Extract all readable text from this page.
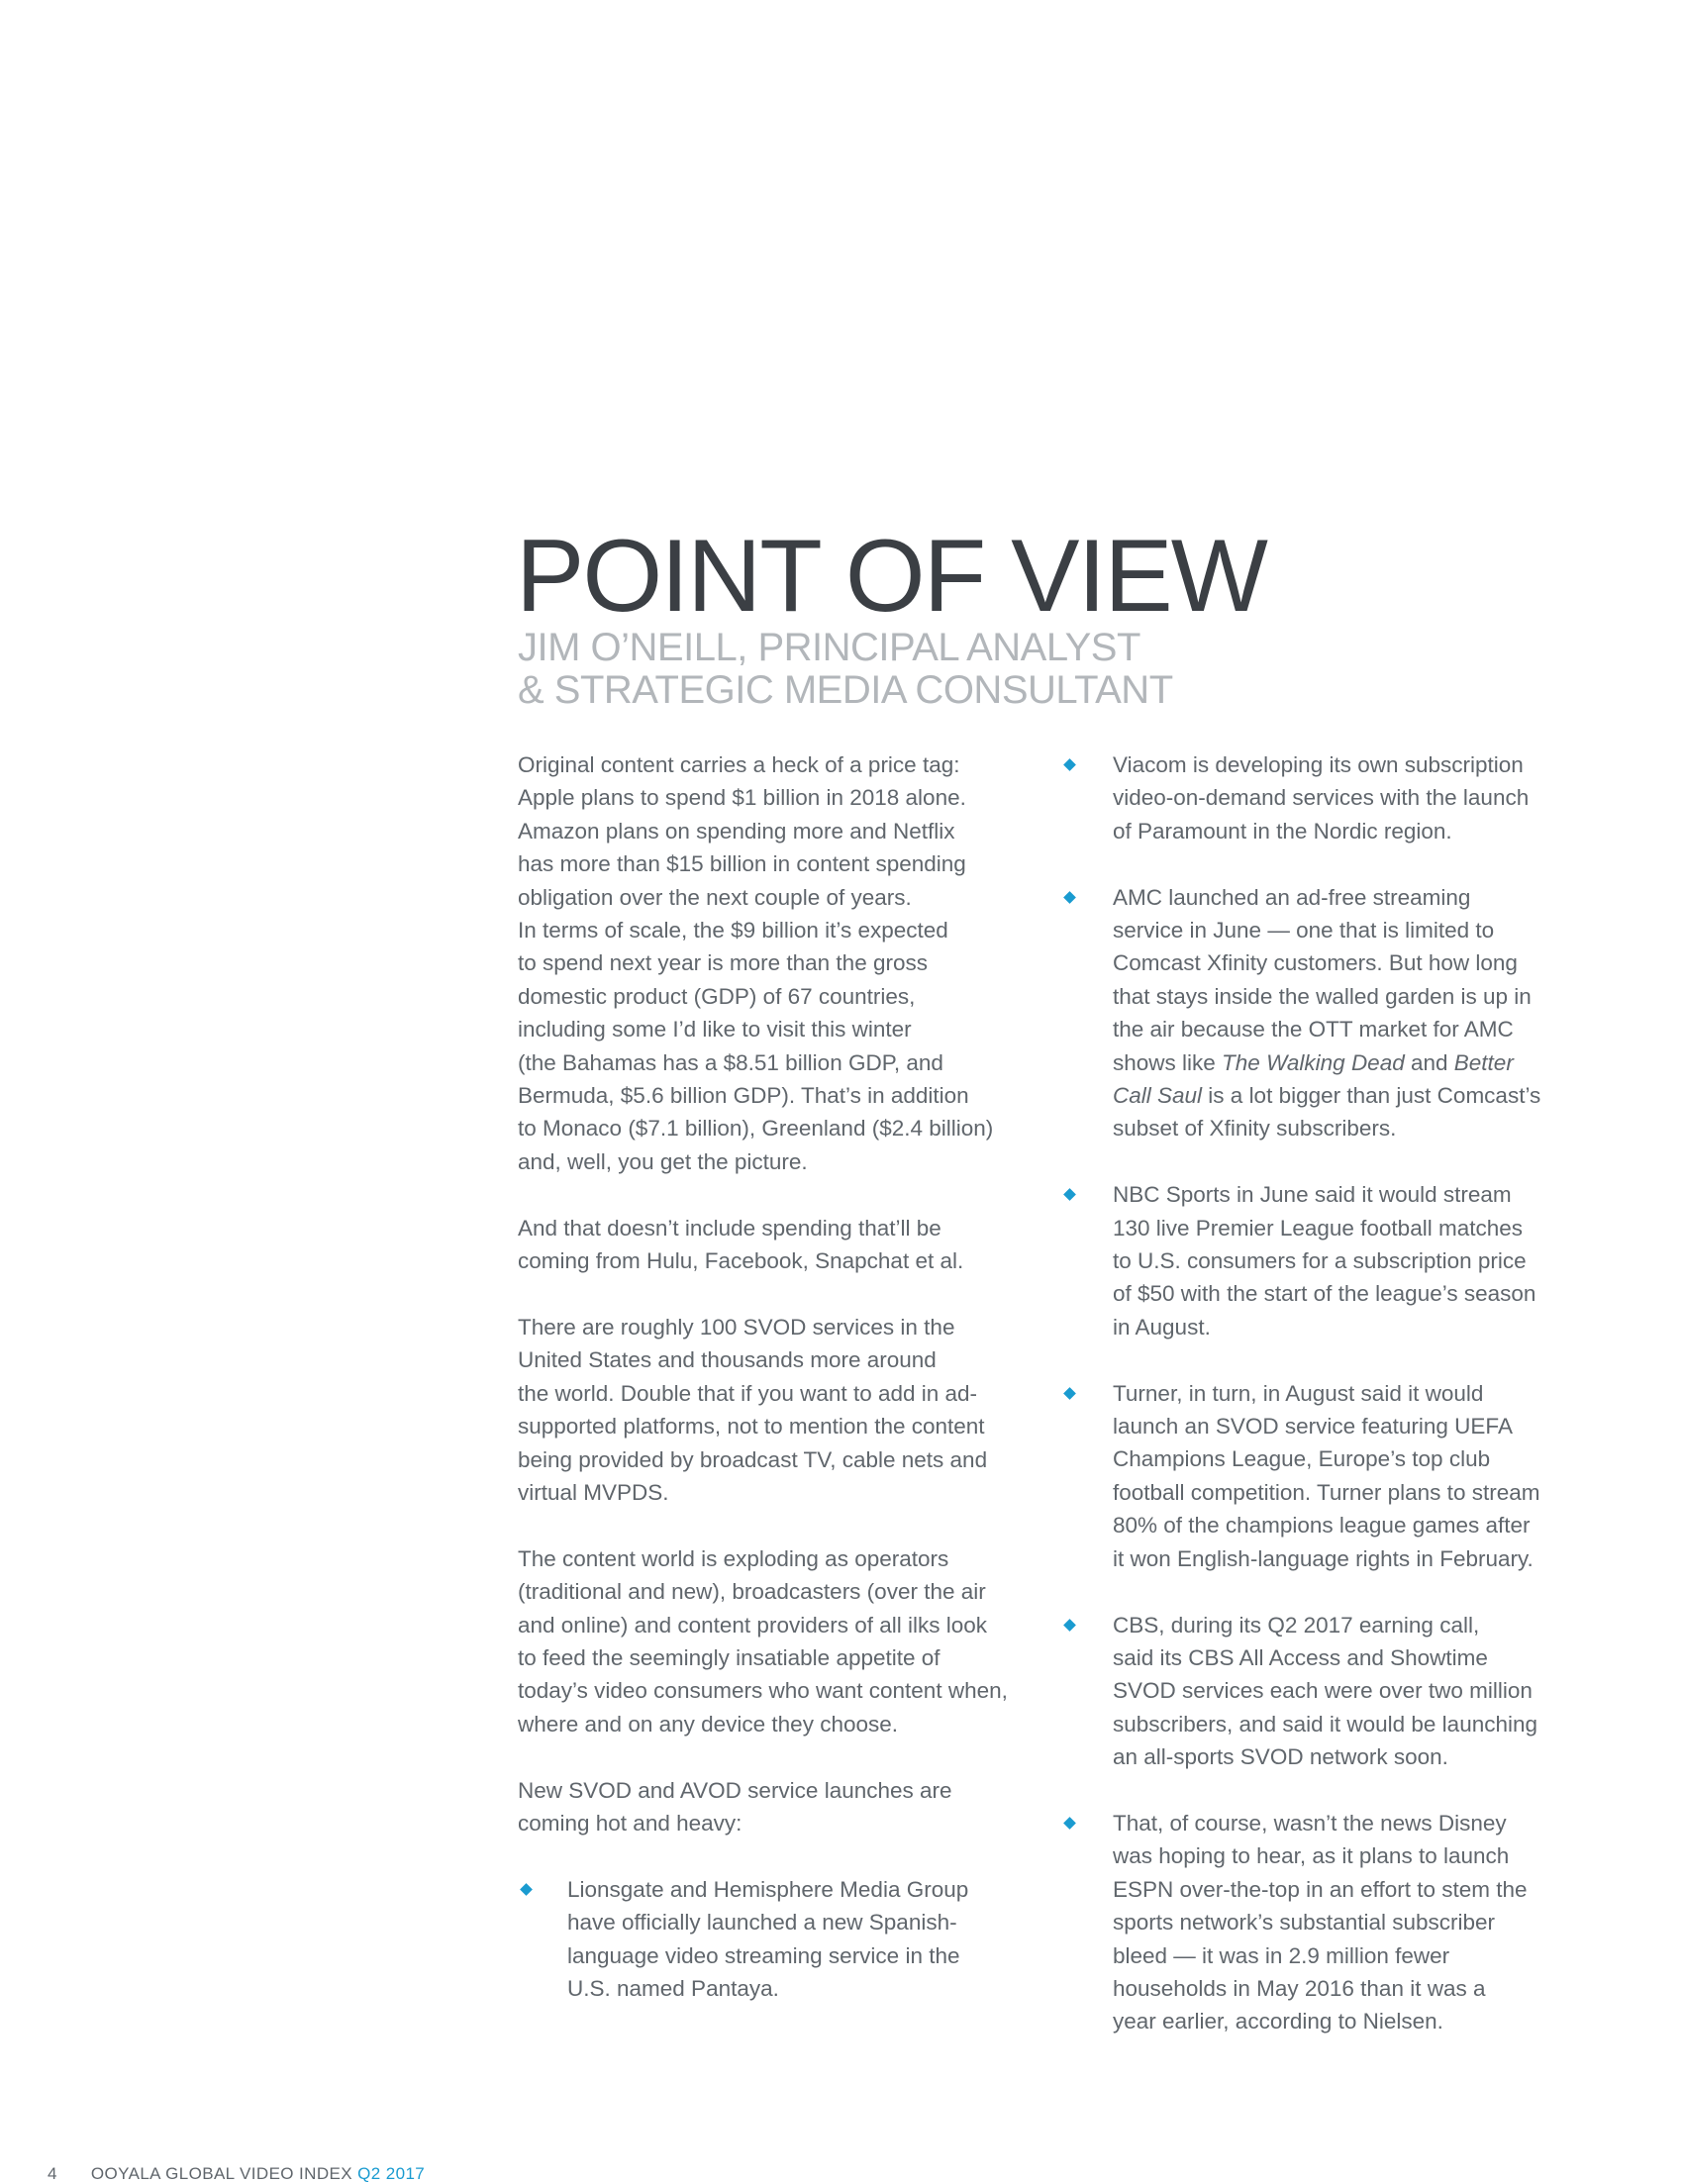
POINT OF VIEW
JIM O’NEILL, PRINCIPAL ANALYST
& STRATEGIC MEDIA CONSULTANT

Original content carries a heck of a price tag:
Apple plans to spend $1 billion in 2018 alone.
Amazon plans on spending more and Netflix
has more than $15 billion in content spending
obligation over the next couple of years.
In terms of scale, the $9 billion it’s expected
to spend next year is more than the gross
domestic product (GDP) of 67 countries,
including some I’d like to visit this winter
(the Bahamas has a $8.51 billion GDP, and
Bermuda, $5.6 billion GDP). That’s in addition
to Monaco ($7.1 billion), Greenland ($2.4 billion)
and, well, you get the picture.

And that doesn’t include spending that’ll be
coming from Hulu, Facebook, Snapchat et al.

There are roughly 100 SVOD services in the
United States and thousands more around
the world. Double that if you want to add in ad-
supported platforms, not to mention the content
being provided by broadcast TV, cable nets and
virtual MVPDS.

The content world is exploding as operators
(traditional and new), broadcasters (over the air
and online) and content providers of all ilks look
to feed the seemingly insatiable appetite of
today’s video consumers who want content when,
where and on any device they choose.

New SVOD and AVOD service launches are
coming hot and heavy:

Lionsgate and Hemisphere Media Group
have officially launched a new Spanish-
language video streaming service in the
U.S. named Pantaya.
Viacom is developing its own subscription
video-on-demand services with the launch
of Paramount in the Nordic region.
AMC launched an ad-free streaming
service in June — one that is limited to
Comcast Xfinity customers. But how long
that stays inside the walled garden is up in
the air because the OTT market for AMC
shows like The Walking Dead and Better
Call Saul is a lot bigger than just Comcast’s
subset of Xfinity subscribers.
NBC Sports in June said it would stream
130 live Premier League football matches
to U.S. consumers for a subscription price
of $50 with the start of the league’s season
in August.
Turner, in turn, in August said it would
launch an SVOD service featuring UEFA
Champions League, Europe’s top club
football competition. Turner plans to stream
80% of the champions league games after
it won English-language rights in February.
CBS, during its Q2 2017 earning call,
said its CBS All Access and Showtime
SVOD services each were over two million
subscribers, and said it would be launching
an all-sports SVOD network soon.
That, of course, wasn’t the news Disney
was hoping to hear, as it plans to launch
ESPN over-the-top in an effort to stem the
sports network’s substantial subscriber
bleed — it was in 2.9 million fewer
households in May 2016 than it was a
year earlier, according to Nielsen.
4 OOYALA GLOBAL VIDEO INDEX Q2 2017
